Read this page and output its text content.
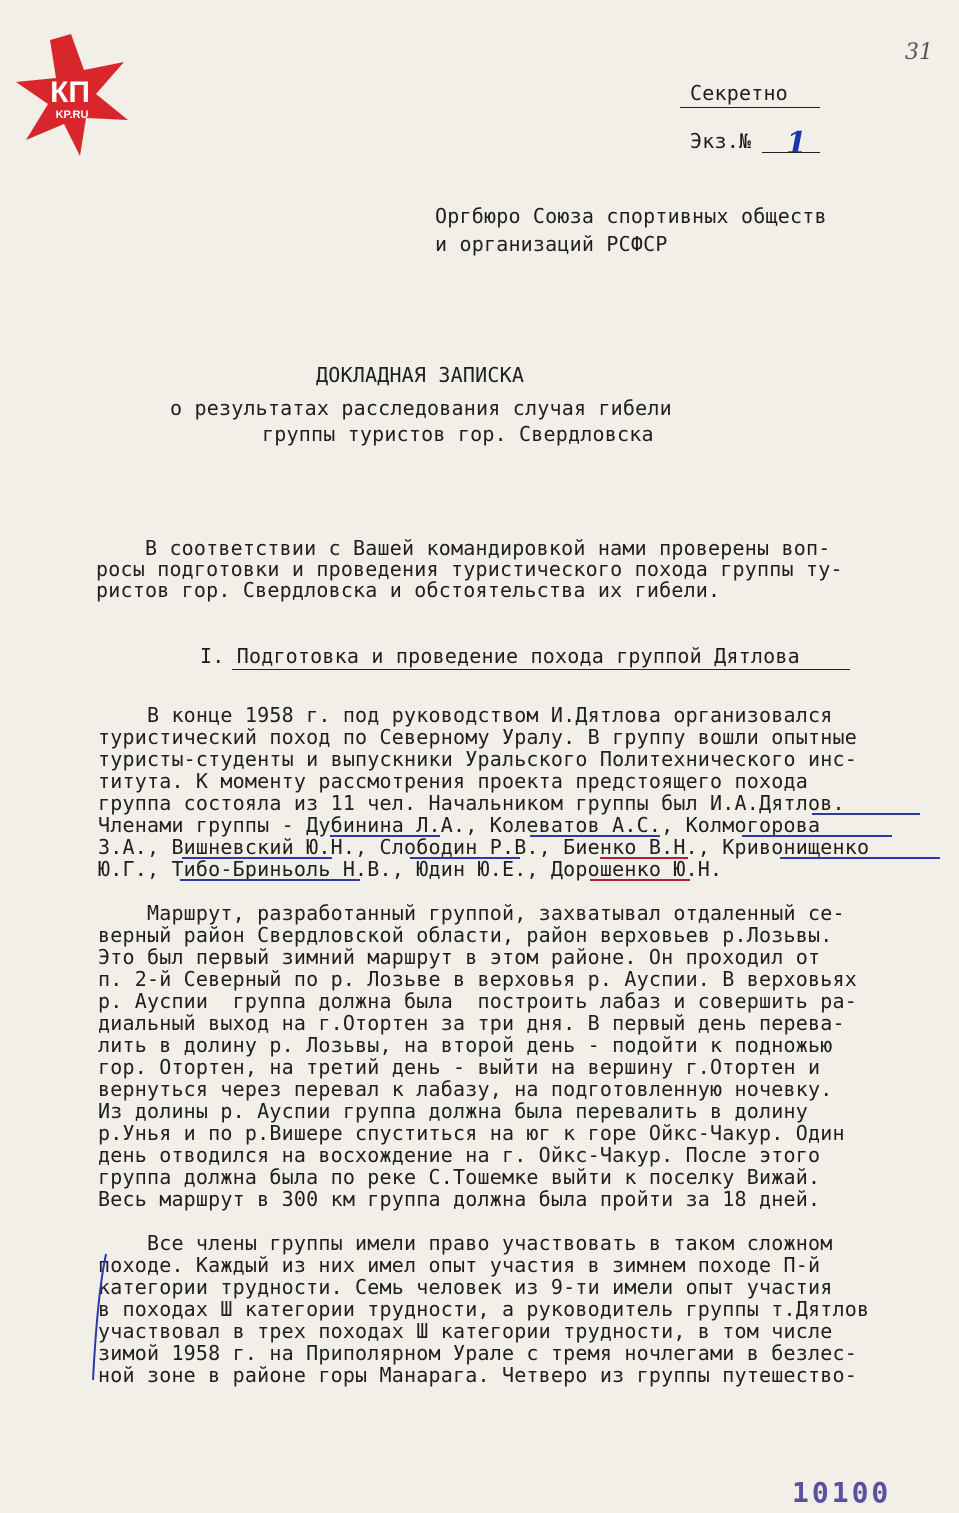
КП
KP.RU
31
Секретно
Экз.№ 1
Оргбюро Союза спортивных обществ
и организаций РСФСР
ДОКЛАДНАЯ ЗАПИСКА
о результатах расследования случая гибели
группы туристов гор. Свердловска
В соответствии с Вашей командировкой нами проверены воп-
росы подготовки и проведения туристического похода группы ту-
ристов гор. Свердловска и обстоятельства их гибели.
I. Подготовка и проведение похода группой Дятлова
В конце 1958 г. под руководством И.Дятлова организовался
туристический поход по Северному Уралу. В группу вошли опытные
туристы-студенты и выпускники Уральского Политехнического инс-
титута. К моменту рассмотрения проекта предстоящего похода
группа состояла из 11 чел. Начальником группы был И.А.Дятлов.
Членами группы - Дубинина Л.А., Колеватов А.С., Колмогорова
З.А., Вишневский Ю.Н., Слободин Р.В., Биенко В.Н., Кривонищенко
Ю.Г., Тибо-Бриньоль Н.В., Юдин Ю.Е., Дорошенко Ю.Н.
Маршрут, разработанный группой, захватывал отдаленный се-
верный район Свердловской области, район верховьев р.Лозьвы.
Это был первый зимний маршрут в этом районе. Он проходил от
п. 2-й Северный по р. Лозьве в верховья р. Ауспии. В верховьях
р. Ауспии  группа должна была  построить лабаз и совершить ра-
диальный выход на г.Отортен за три дня. В первый день перева-
лить в долину р. Лозьвы, на второй день - подойти к подножью
гор. Отортен, на третий день - выйти на вершину г.Отортен и
вернуться через перевал к лабазу, на подготовленную ночевку.
Из долины р. Ауспии группа должна была перевалить в долину
р.Унья и по р.Вишере спуститься на юг к горе Ойкс-Чакур. Один
день отводился на восхождение на г. Ойкс-Чакур. После этого
группа должна была по реке С.Тошемке выйти к поселку Вижай.
Весь маршрут в 300 км группа должна была пройти за 18 дней.
Все члены группы имели право участвовать в таком сложном
походе. Каждый из них имел опыт участия в зимнем походе П-й
категории трудности. Семь человек из 9-ти имели опыт участия
в походах Ш категории трудности, а руководитель группы т.Дятлов
участвовал в трех походах Ш категории трудности, в том числе
зимой 1958 г. на Приполярном Урале с тремя ночлегами в безлес-
ной зоне в районе горы Манарага. Четверо из группы путешество-
10100
